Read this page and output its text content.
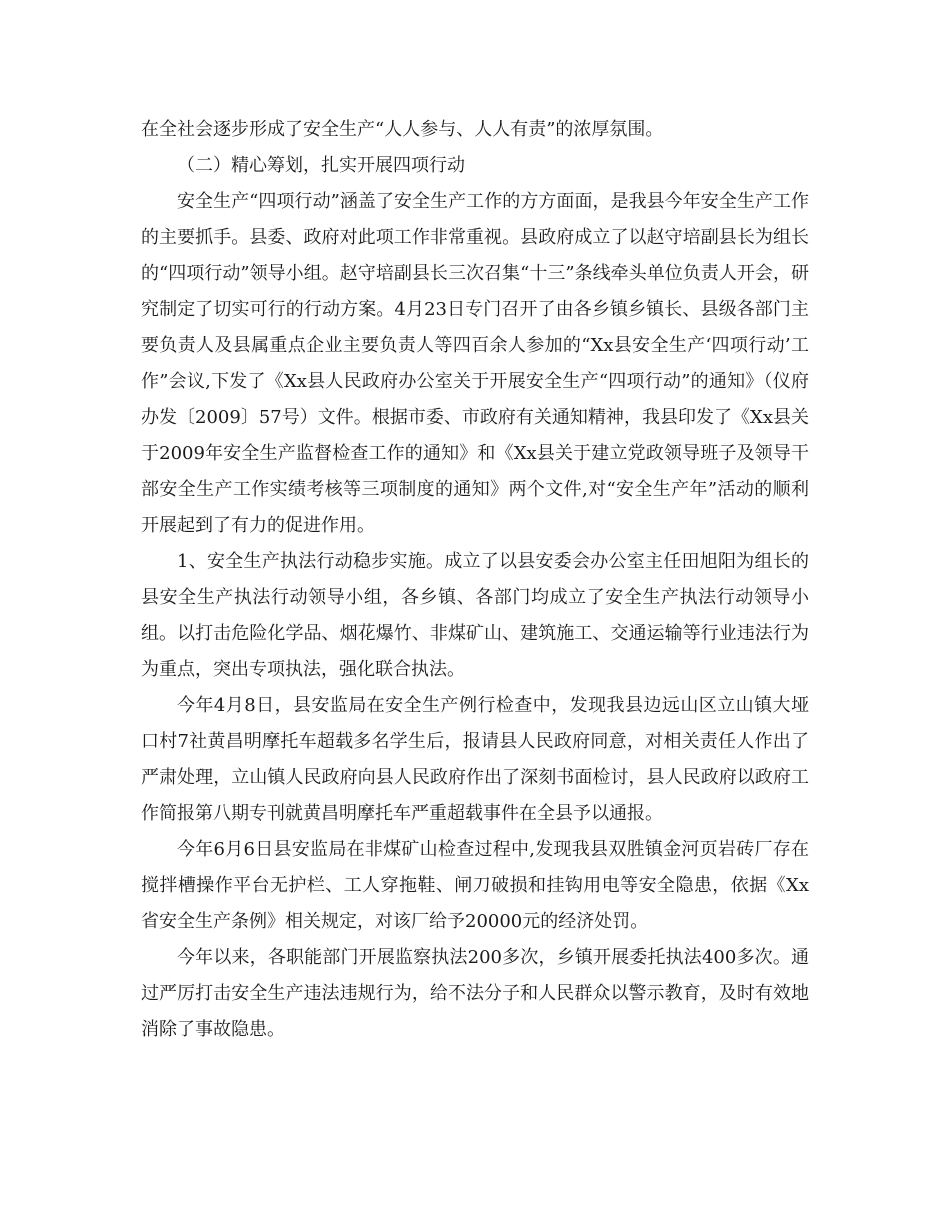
在全社会逐步形成了安全生产“人人参与、人人有责”的浓厚氛围。

（二）精心筹划，扎实开展四项行动

安全生产“四项行动”涵盖了安全生产工作的方方面面，是我县今年安全生产工作的主要抓手。县委、政府对此项工作非常重视。县政府成立了以赵守培副县长为组长的“四项行动”领导小组。赵守培副县长三次召集“十三”条线牵头单位负责人开会，研究制定了切实可行的行动方案。4月23日专门召开了由各乡镇乡镇长、县级各部门主要负责人及县属重点企业主要负责人等四百余人参加的“Xx县安全生产‘四项行动’工作”会议,下发了《Xx县人民政府办公室关于开展安全生产“四项行动”的通知》（仪府办发〔2009〕57号）文件。根据市委、市政府有关通知精神，我县印发了《Xx县关于2009年安全生产监督检查工作的通知》和《Xx县关于建立党政领导班子及领导干部安全生产工作实绩考核等三项制度的通知》两个文件,对“安全生产年”活动的顺利开展起到了有力的促进作用。

1、安全生产执法行动稳步实施。成立了以县安委会办公室主任田旭阳为组长的县安全生产执法行动领导小组，各乡镇、各部门均成立了安全生产执法行动领导小组。以打击危险化学品、烟花爆竹、非煤矿山、建筑施工、交通运输等行业违法行为为重点，突出专项执法，强化联合执法。

今年4月8日，县安监局在安全生产例行检查中，发现我县边远山区立山镇大垭口村7社黄昌明摩托车超载多名学生后，报请县人民政府同意，对相关责任人作出了严肃处理，立山镇人民政府向县人民政府作出了深刻书面检讨，县人民政府以政府工作简报第八期专刊就黄昌明摩托车严重超载事件在全县予以通报。

今年6月6日县安监局在非煤矿山检查过程中,发现我县双胜镇金河页岩砖厂存在搅拌槽操作平台无护栏、工人穿拖鞋、闸刀破损和挂钩用电等安全隐患，依据《Xx省安全生产条例》相关规定，对该厂给予20000元的经济处罚。

今年以来，各职能部门开展监察执法200多次，乡镇开展委托执法400多次。通过严厉打击安全生产违法违规行为，给不法分子和人民群众以警示教育，及时有效地消除了事故隐患。
